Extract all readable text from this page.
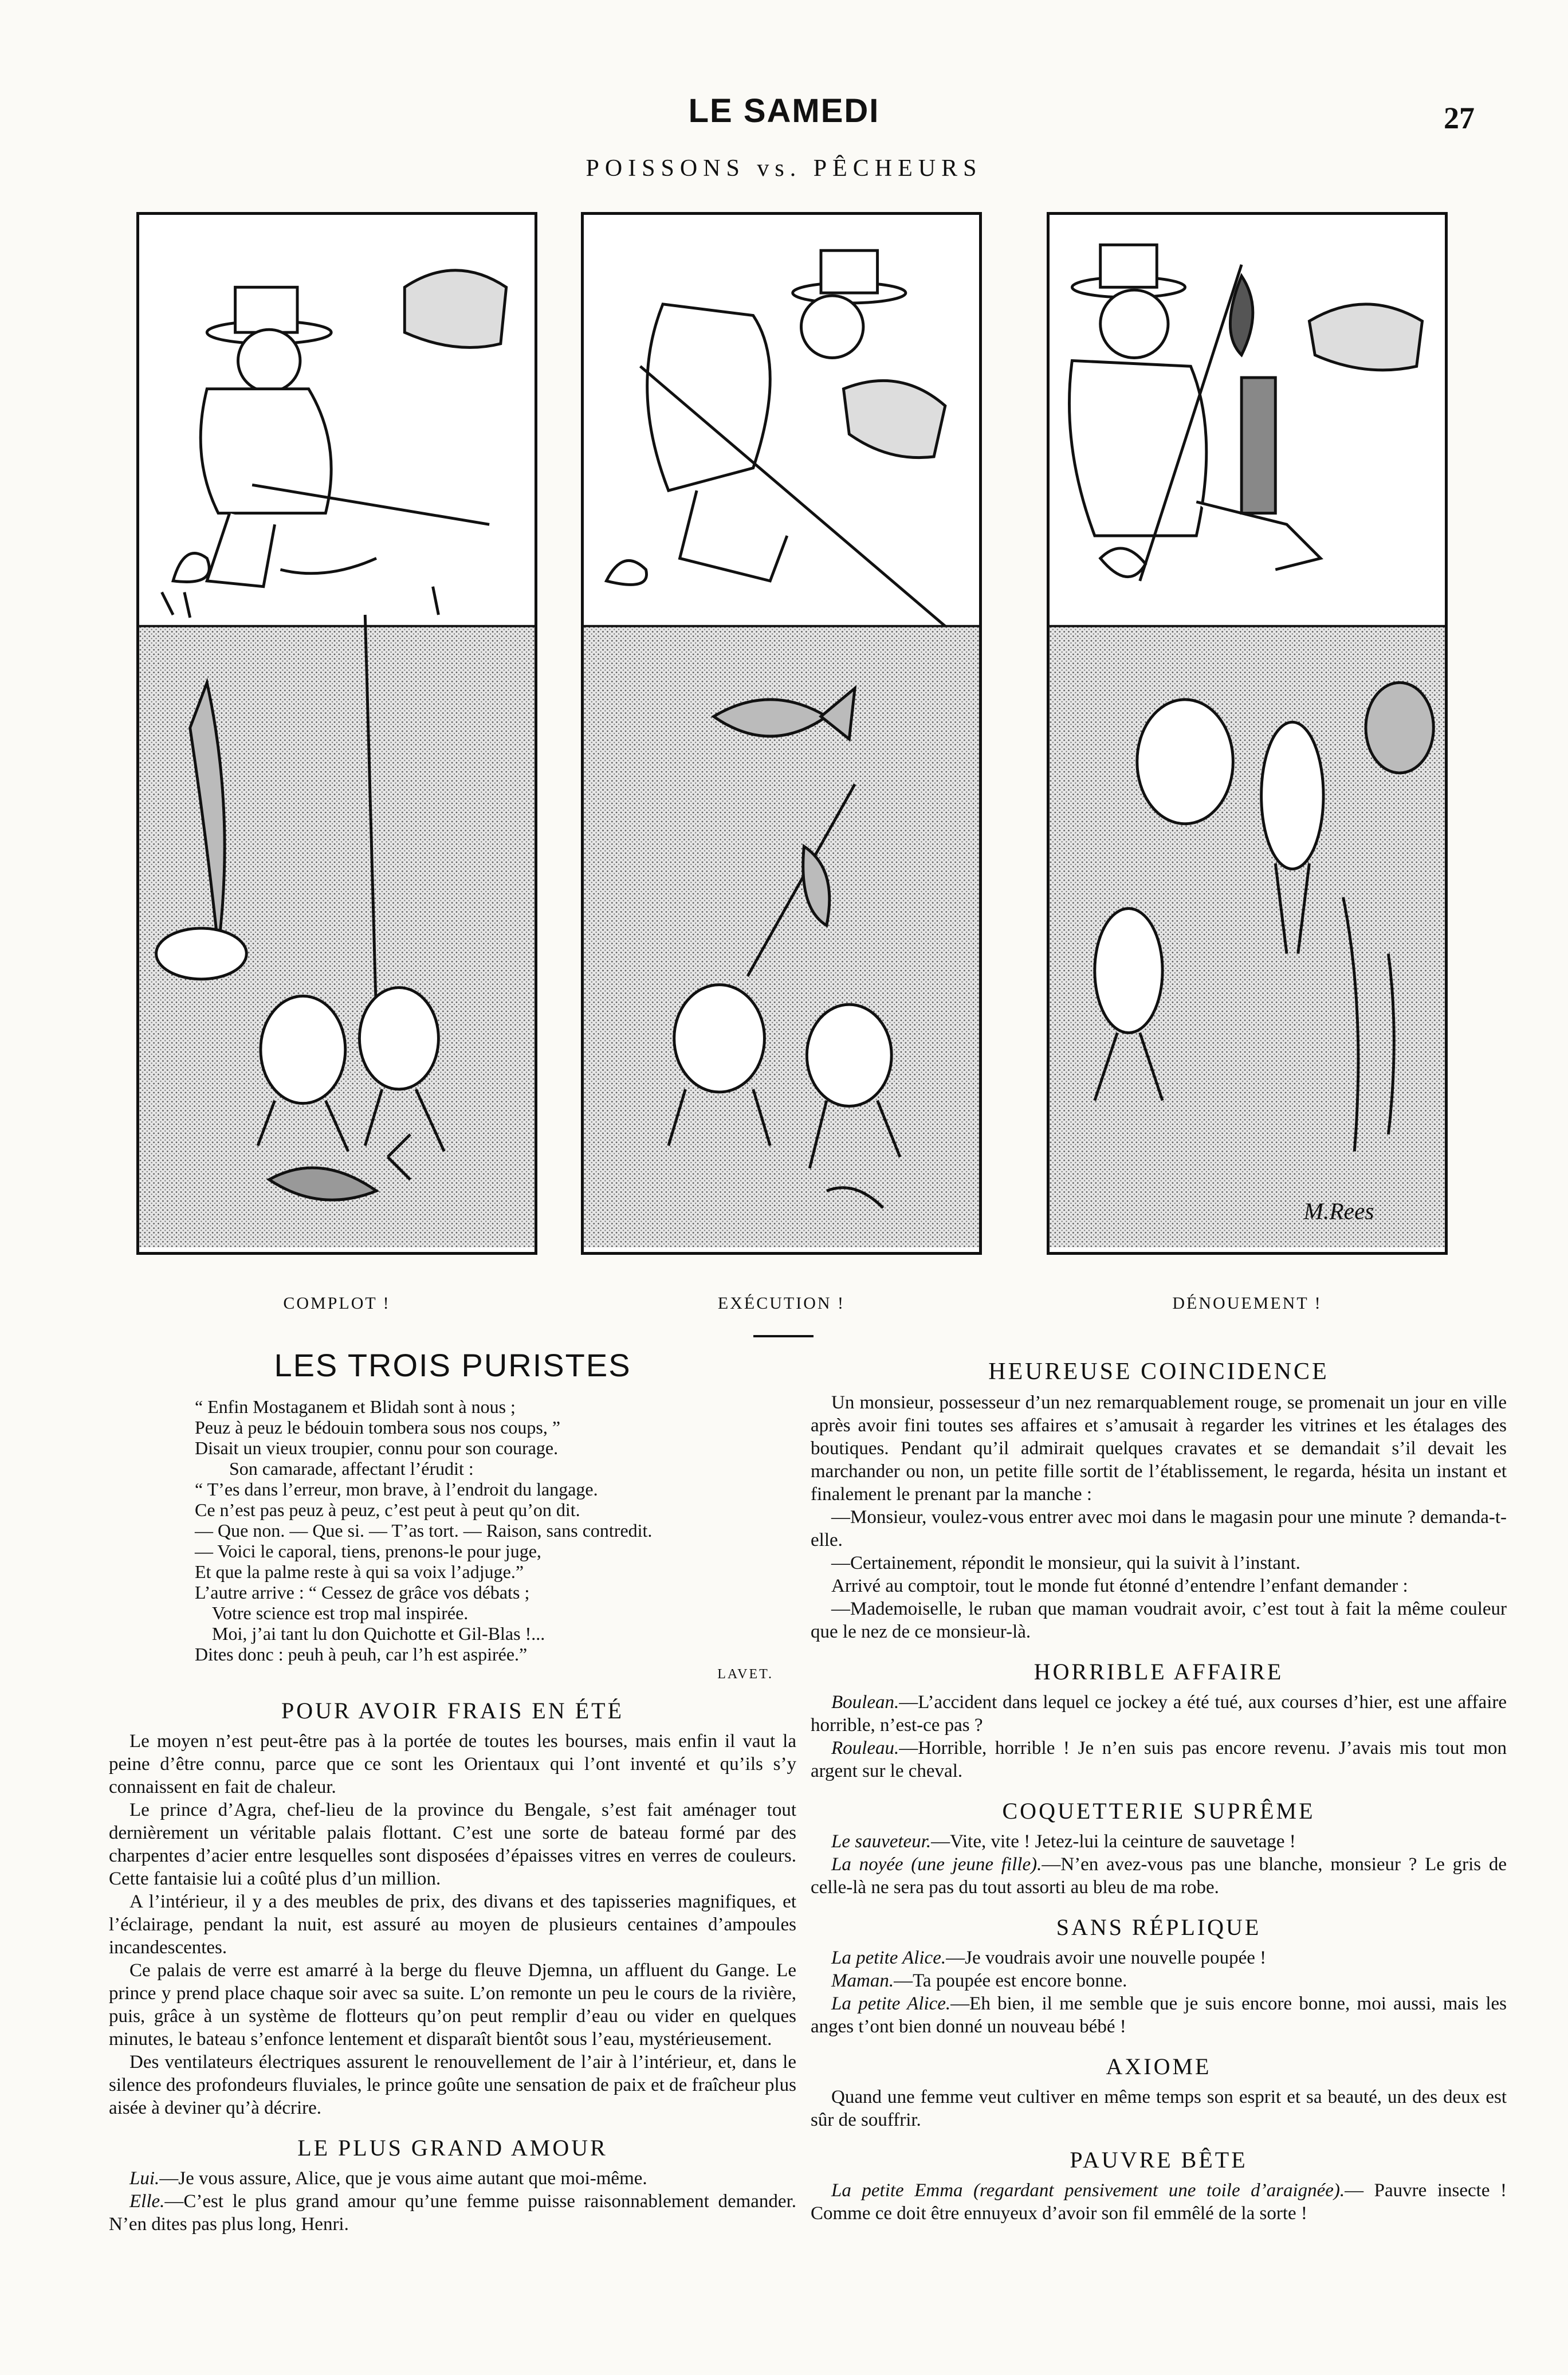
LE SAMEDI	27
POISSONS vs. PÊCHEURS
COMPLOT !	EXÉCUTION !
M.Rees
DÉNOUEMENT !
LES TROIS PURISTES
“ Enfin Mostaganem et Blidah sont à nous ;
Peuz à peuz le bédouin tombera sous nos coups, ”
Disait un vieux troupier, connu pour son courage.
Son camarade, affectant l’érudit :
“ T’es dans l’erreur, mon brave, à l’endroit du langage.
Ce n’est pas peuz à peuz, c’est peut à peut qu’on dit.
— Que non. — Que si. — T’as tort. — Raison, sans contredit.
— Voici le caporal, tiens, prenons-le pour juge,
Et que la palme reste à qui sa voix l’adjuge.”
L’autre arrive : “ Cessez de grâce vos débats ;
Votre science est trop mal inspirée.
Moi, j’ai tant lu don Quichotte et Gil-Blas !...
Dites donc : peuh à peuh, car l’h est aspirée.”
LAVET.
POUR AVOIR FRAIS EN ÉTÉ

Le moyen n’est peut-être pas à la portée de toutes les bourses, mais enfin il vaut la peine d’être connu, parce que ce sont les Orientaux qui l’ont inventé et qu’ils s’y connaissent en fait de chaleur.

Le prince d’Agra, chef-lieu de la province du Bengale, s’est fait aménager tout dernièrement un véritable palais flottant. C’est une sorte de bateau formé par des charpentes d’acier entre lesquelles sont disposées d’épaisses vitres en verres de couleurs. Cette fantaisie lui a coûté plus d’un million.

A l’intérieur, il y a des meubles de prix, des divans et des tapisseries magnifiques, et l’éclairage, pendant la nuit, est assuré au moyen de plusieurs centaines d’ampoules incandescentes.

Ce palais de verre est amarré à la berge du fleuve Djemna, un affluent du Gange. Le prince y prend place chaque soir avec sa suite. L’on remonte un peu le cours de la rivière, puis, grâce à un système de flotteurs qu’on peut remplir d’eau ou vider en quelques minutes, le bateau s’enfonce lentement et disparaît bientôt sous l’eau, mystérieusement.

Des ventilateurs électriques assurent le renouvellement de l’air à l’intérieur, et, dans le silence des profondeurs fluviales, le prince goûte une sensation de paix et de fraîcheur plus aisée à deviner qu’à décrire.

LE PLUS GRAND AMOUR
Lui.—Je vous assure, Alice, que je vous aime autant que moi-même.
Elle.—C’est le plus grand amour qu’une femme puisse raisonnablement demander. N’en dites pas plus long, Henri.
HEUREUSE COINCIDENCE

Un monsieur, possesseur d’un nez remarquablement rouge, se promenait un jour en ville après avoir fini toutes ses affaires et s’amusait à regarder les vitrines et les étalages des boutiques. Pendant qu’il admirait quelques cravates et se demandait s’il devait les marchander ou non, un petite fille sortit de l’établissement, le regarda, hésita un instant et finalement le prenant par la manche :

—Monsieur, voulez-vous entrer avec moi dans le magasin pour une minute ? demanda-t-elle.

—Certainement, répondit le monsieur, qui la suivit à l’instant.

Arrivé au comptoir, tout le monde fut étonné d’entendre l’enfant demander :

—Mademoiselle, le ruban que maman voudrait avoir, c’est tout à fait la même couleur que le nez de ce monsieur-là.

HORRIBLE AFFAIRE
Boulean.—L’accident dans lequel ce jockey a été tué, aux courses d’hier, est une affaire horrible, n’est-ce pas ?
Rouleau.—Horrible, horrible ! Je n’en suis pas encore revenu. J’avais mis tout mon argent sur le cheval.
COQUETTERIE SUPRÊME
Le sauveteur.—Vite, vite ! Jetez-lui la ceinture de sauvetage !
La noyée (une jeune fille).—N’en avez-vous pas une blanche, monsieur ? Le gris de celle-là ne sera pas du tout assorti au bleu de ma robe.
SANS RÉPLIQUE
La petite Alice.—Je voudrais avoir une nouvelle poupée !
Maman.—Ta poupée est encore bonne.
La petite Alice.—Eh bien, il me semble que je suis encore bonne, moi aussi, mais les anges t’ont bien donné un nouveau bébé !
AXIOME

Quand une femme veut cultiver en même temps son esprit et sa beauté, un des deux est sûr de souffrir.

PAUVRE BÊTE
La petite Emma (regardant pensivement une toile d’araignée).— Pauvre insecte ! Comme ce doit être ennuyeux d’avoir son fil emmêlé de la sorte !
